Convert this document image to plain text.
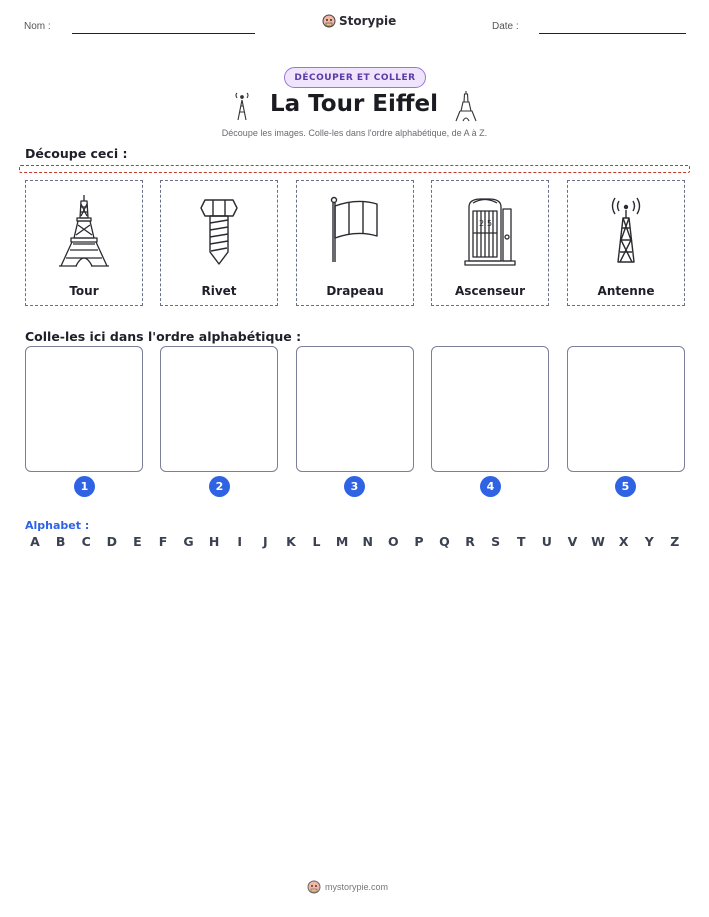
Nom :	Storypie	Date :
DÉCOUPER ET COLLER
La Tour Eiffel
Découpe les images. Colle-les dans l'ordre alphabétique, de A à Z.
Découpe ceci :
Tour	Rivet	Drapeau
2 5
Ascenseur	Antenne
Colle-les ici dans l'ordre alphabétique :
1	2	3	4	5
Alphabet :
A	B	C	D	E	F	G	H	I	J	K	L	M	N	O	P	Q	R	S	T	U	V	W	X	Y	Z
mystorypie.com
